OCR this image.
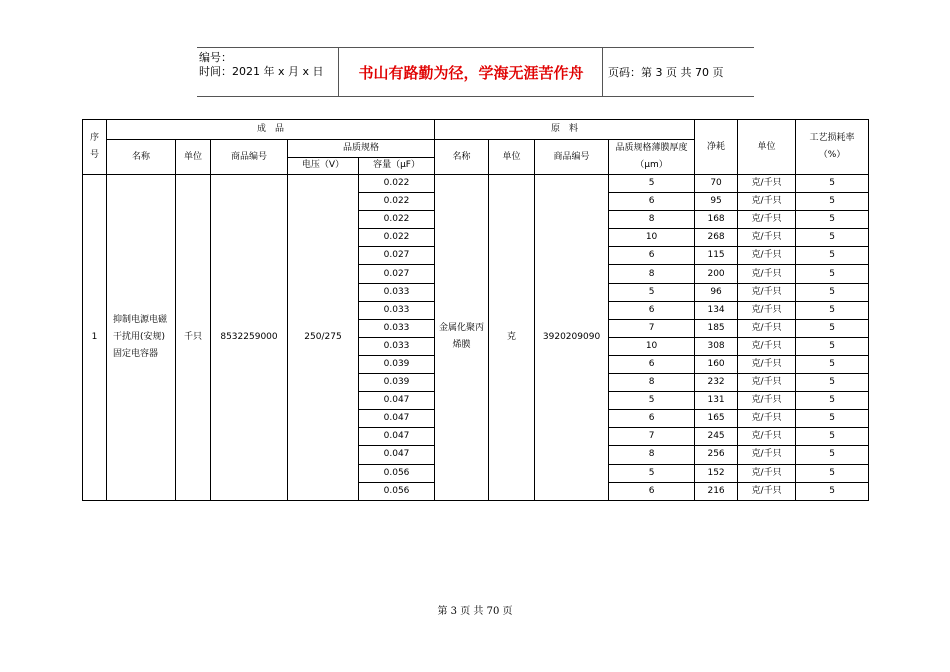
编号：
时间：2021 年 x 月 x 日	书山有路勤为径，学海无涯苦作舟	页码：第 3 页 共 70 页
序号	成　品					原　料				净耗	单位	工艺损耗率（%）
	名称	单位	商品编号	品质规格		名称	单位	商品编号	品质规格薄膜厚度（μm）			
				电压（V）	容量（μF）							
1	抑制电源电磁干扰用(安规)固定电容器	千只	8532259000	250/275	0.022	金属化聚丙烯膜	克	3920209090	5	70	克/千只	5
					0.022				6	95	克/千只	5
					0.022				8	168	克/千只	5
					0.022				10	268	克/千只	5
					0.027				6	115	克/千只	5
					0.027				8	200	克/千只	5
					0.033				5	96	克/千只	5
					0.033				6	134	克/千只	5
					0.033				7	185	克/千只	5
					0.033				10	308	克/千只	5
					0.039				6	160	克/千只	5
					0.039				8	232	克/千只	5
					0.047				5	131	克/千只	5
					0.047				6	165	克/千只	5
					0.047				7	245	克/千只	5
					0.047				8	256	克/千只	5
					0.056				5	152	克/千只	5
					0.056				6	216	克/千只	5
第 3 页 共 70 页
